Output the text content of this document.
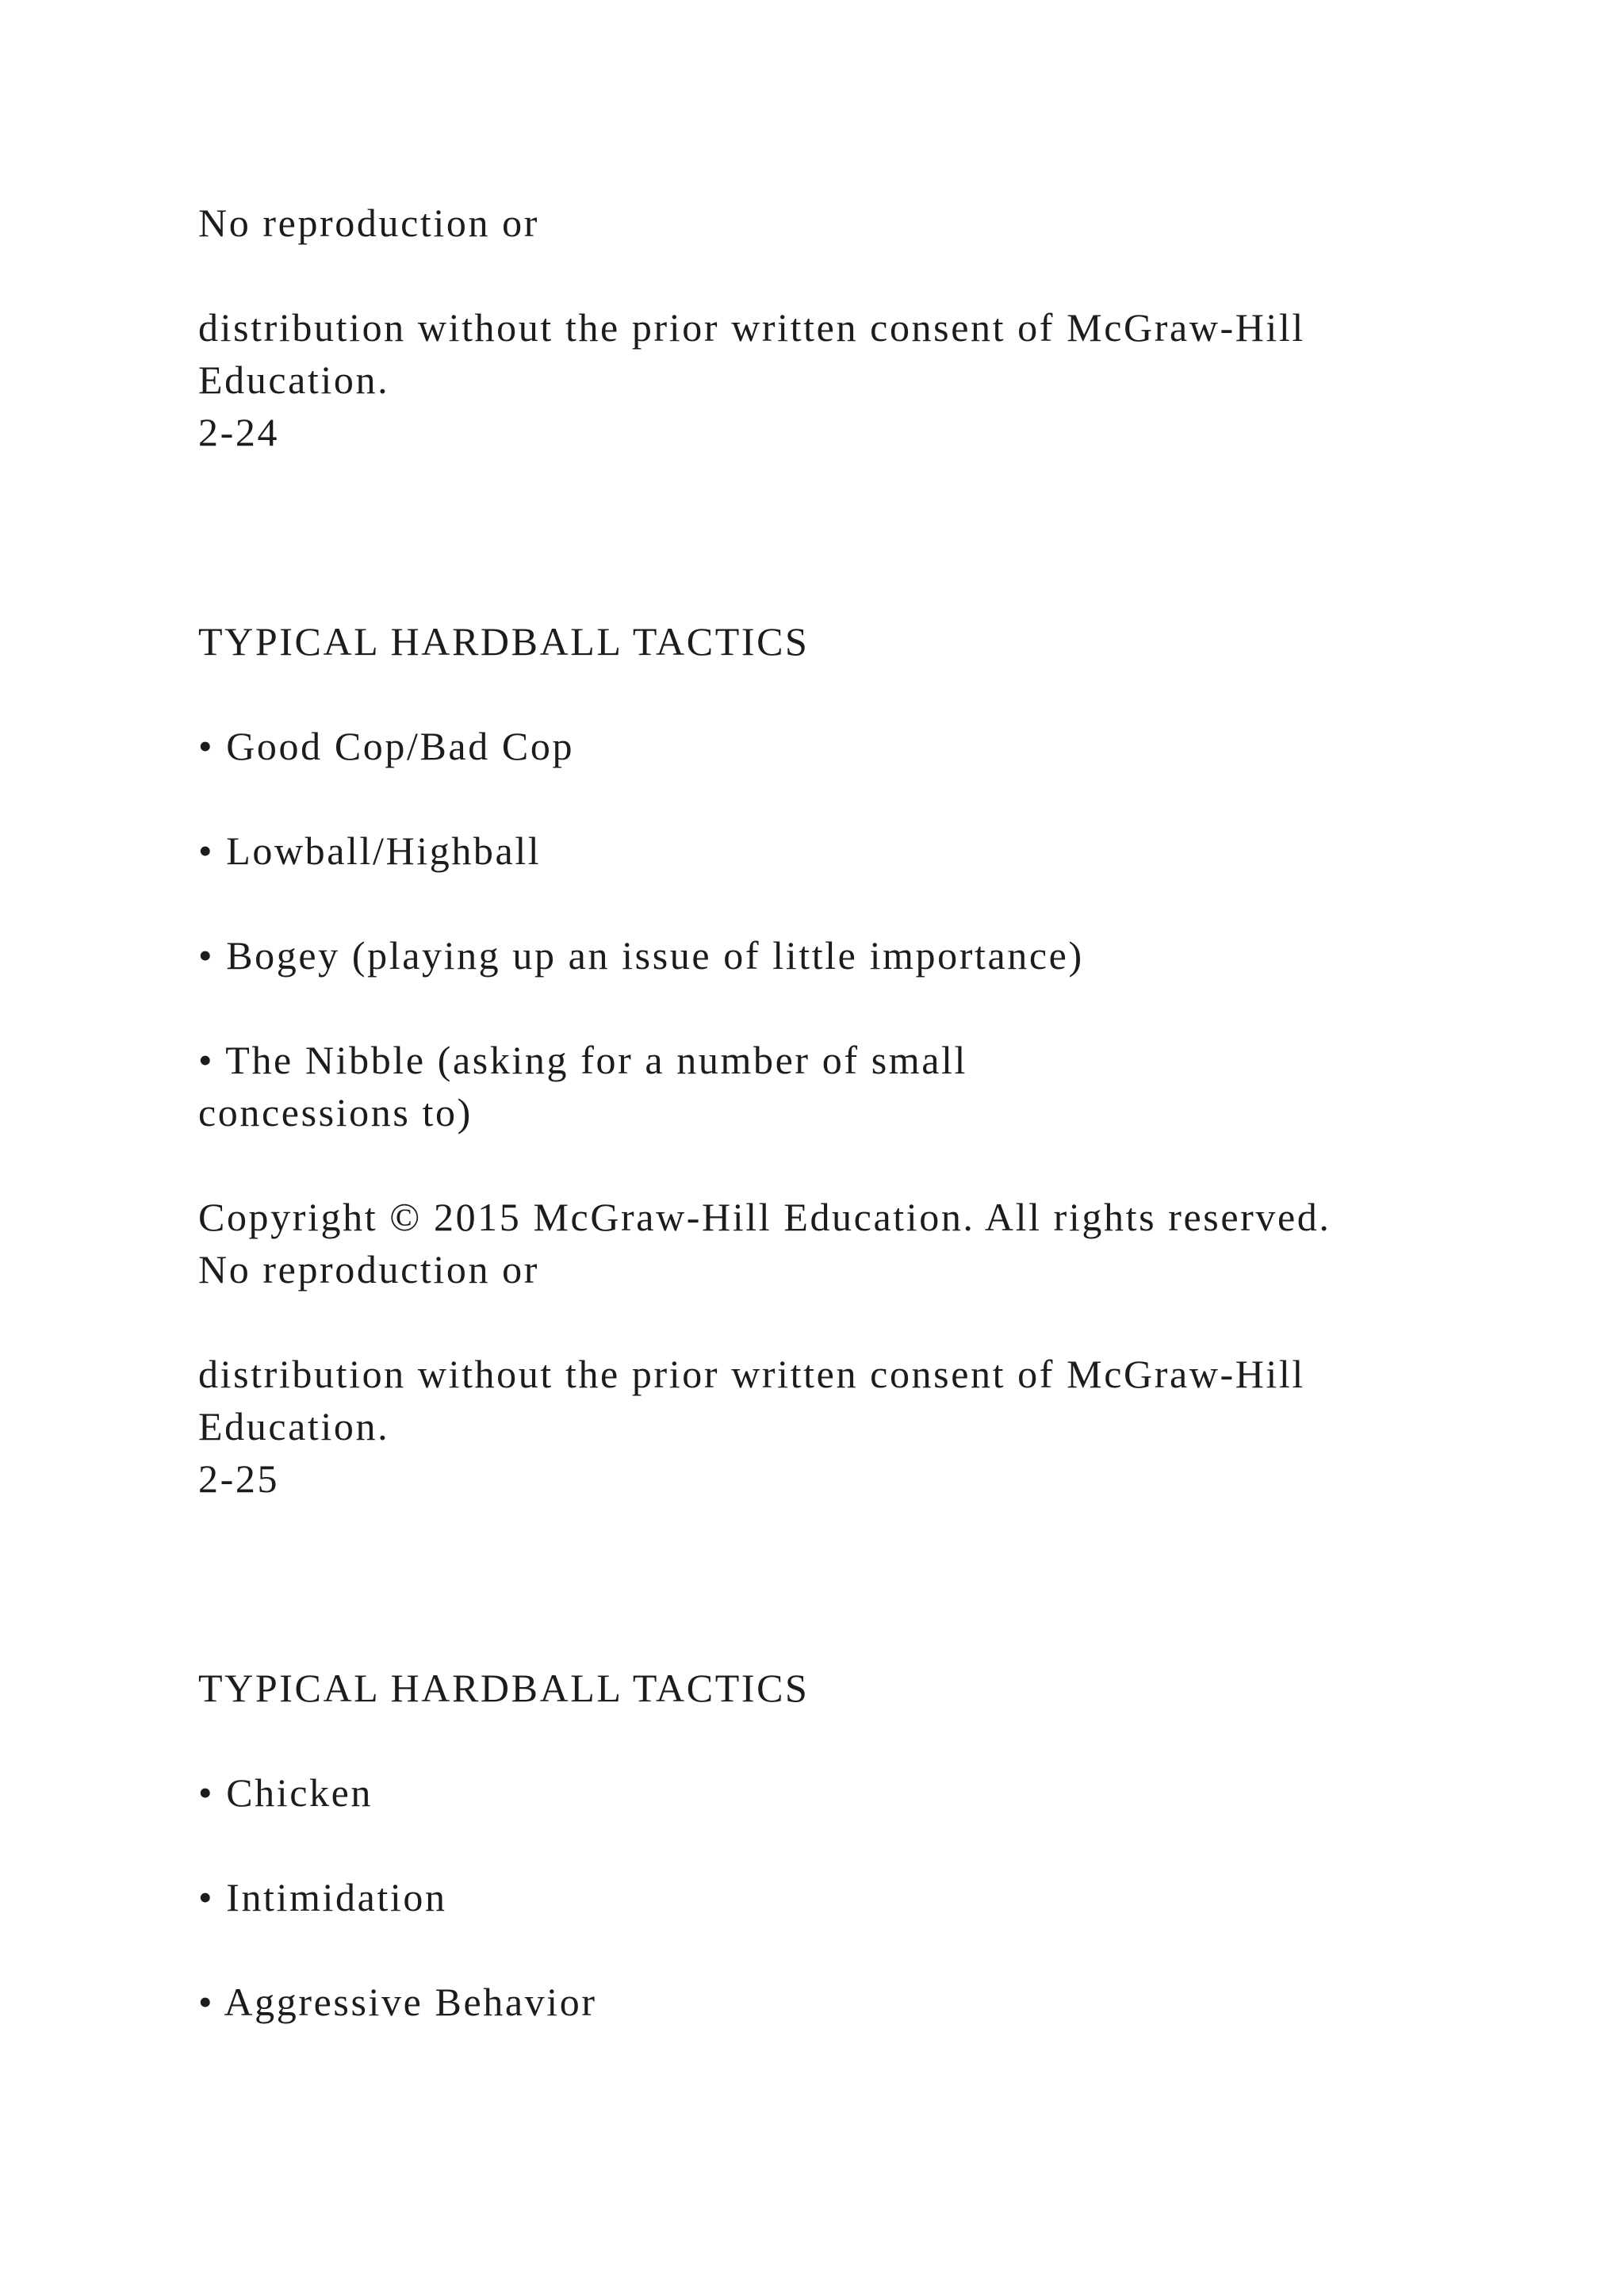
No reproduction or

distribution without the prior written consent of McGraw-Hill

Education.

2-24

TYPICAL HARDBALL TACTICS

• Good Cop/Bad Cop

• Lowball/Highball

• Bogey (playing up an issue of little importance)

• The Nibble (asking for a number of small

concessions to)

Copyright © 2015 McGraw-Hill Education. All rights reserved.

No reproduction or

distribution without the prior written consent of McGraw-Hill

Education.

2-25

TYPICAL HARDBALL TACTICS

• Chicken

• Intimidation

• Aggressive Behavior
